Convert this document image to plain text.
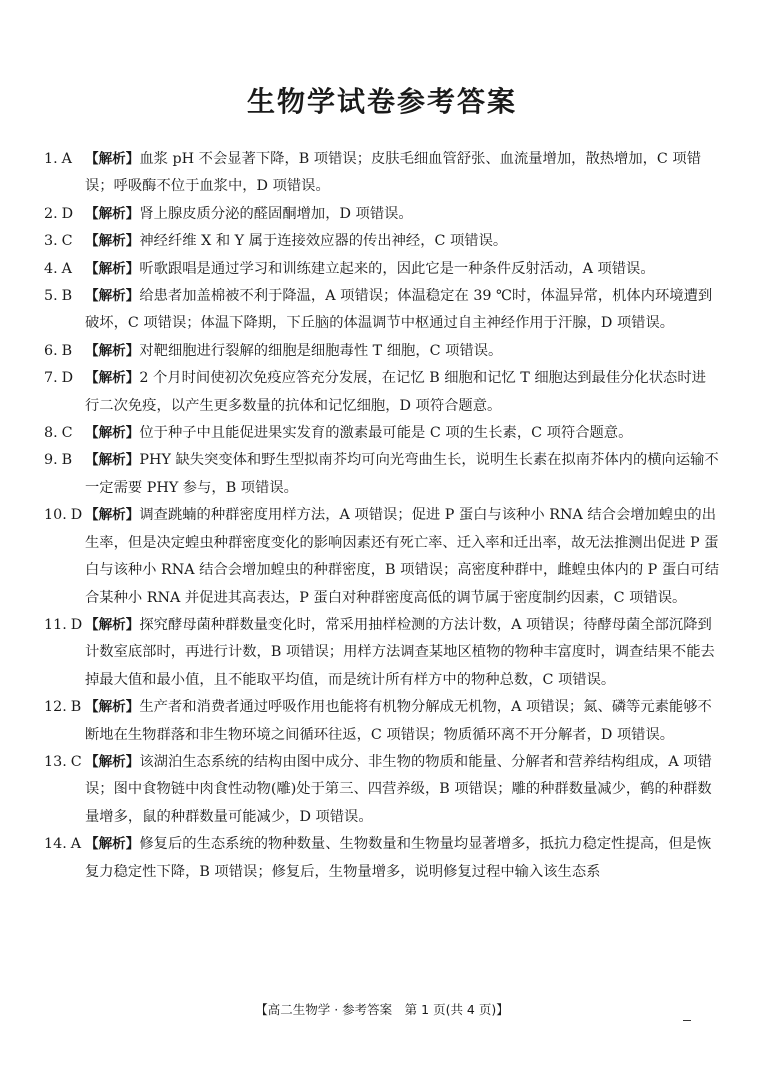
生物学试卷参考答案
1. A 【解析】血浆 pH 不会显著下降，B 项错误；皮肤毛细血管舒张、血流量增加，散热增加，C 项错误；呼吸酶不位于血浆中，D 项错误。
2. D 【解析】肾上腺皮质分泌的醛固酮增加，D 项错误。
3. C 【解析】神经纤维 X 和 Y 属于连接效应器的传出神经，C 项错误。
4. A 【解析】听歌跟唱是通过学习和训练建立起来的，因此它是一种条件反射活动，A 项错误。
5. B 【解析】给患者加盖棉被不利于降温，A 项错误；体温稳定在 39 ℃时，体温异常，机体内环境遭到破坏，C 项错误；体温下降期，下丘脑的体温调节中枢通过自主神经作用于汗腺，D 项错误。
6. B 【解析】对靶细胞进行裂解的细胞是细胞毒性 T 细胞，C 项错误。
7. D 【解析】2 个月时间使初次免疫应答充分发展，在记忆 B 细胞和记忆 T 细胞达到最佳分化状态时进行二次免疫，以产生更多数量的抗体和记忆细胞，D 项符合题意。
8. C 【解析】位于种子中且能促进果实发育的激素最可能是 C 项的生长素，C 项符合题意。
9. B 【解析】PHY 缺失突变体和野生型拟南芥均可向光弯曲生长，说明生长素在拟南芥体内的横向运输不一定需要 PHY 参与，B 项错误。
10. D 【解析】调查跳蝻的种群密度用样方法，A 项错误；促进 P 蛋白与该种小 RNA 结合会增加蝗虫的出生率，但是决定蝗虫种群密度变化的影响因素还有死亡率、迁入率和迁出率，故无法推测出促进 P 蛋白与该种小 RNA 结合会增加蝗虫的种群密度，B 项错误；高密度种群中，雌蝗虫体内的 P 蛋白可结合某种小 RNA 并促进其高表达，P 蛋白对种群密度高低的调节属于密度制约因素，C 项错误。
11. D 【解析】探究酵母菌种群数量变化时，常采用抽样检测的方法计数，A 项错误；待酵母菌全部沉降到计数室底部时，再进行计数，B 项错误；用样方法调查某地区植物的物种丰富度时，调查结果不能去掉最大值和最小值，且不能取平均值，而是统计所有样方中的物种总数，C 项错误。
12. B 【解析】生产者和消费者通过呼吸作用也能将有机物分解成无机物，A 项错误；氮、磷等元素能够不断地在生物群落和非生物环境之间循环往返，C 项错误；物质循环离不开分解者，D 项错误。
13. C 【解析】该湖泊生态系统的结构由图中成分、非生物的物质和能量、分解者和营养结构组成，A 项错误；图中食物链中肉食性动物(雕)处于第三、四营养级，B 项错误；雕的种群数量减少，鹤的种群数量增多，鼠的种群数量可能减少，D 项错误。
14. A 【解析】修复后的生态系统的物种数量、生物数量和生物量均显著增多，抵抗力稳定性提高，但是恢复力稳定性下降，B 项错误；修复后，生物量增多，说明修复过程中输入该生态系
【高二生物学 · 参考答案　第 1 页(共 4 页)】
